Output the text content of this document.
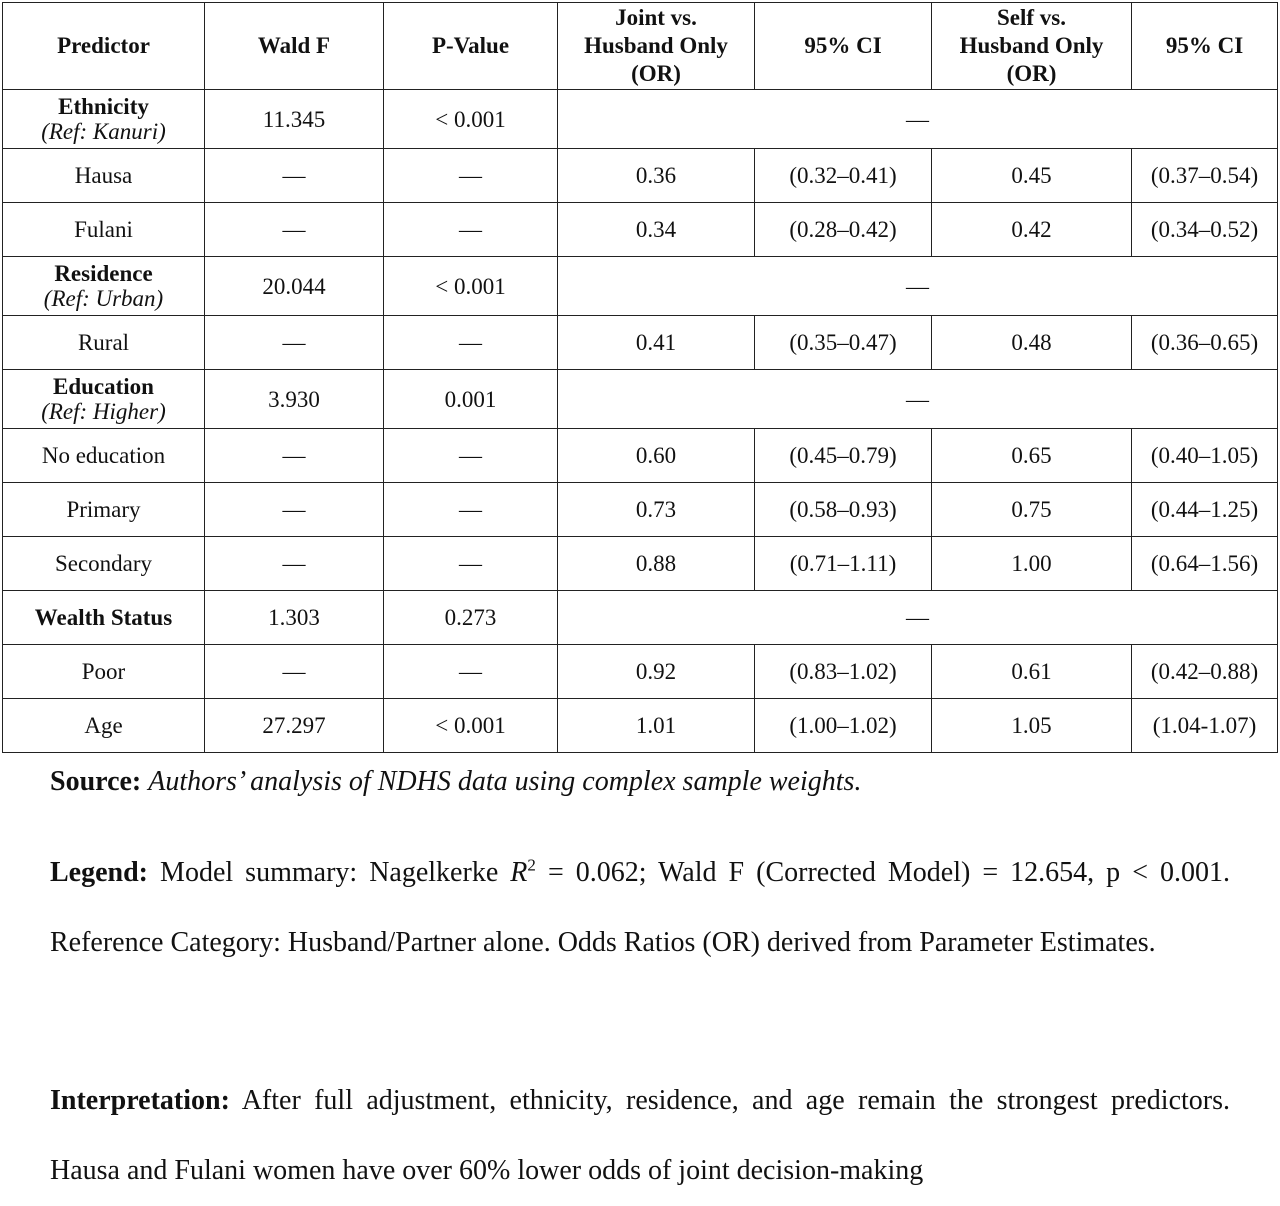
Predictor	Wald F	P-Value	Joint vs.
Husband Only
(OR)	95% CI	Self vs.
Husband Only
(OR)	95% CI

Ethnicity
(Ref: Kanuri)	11.345	< 0.001	—			
Hausa	—	—	0.36	(0.32–0.41)	0.45	(0.37–0.54)
Fulani	—	—	0.34	(0.28–0.42)	0.42	(0.34–0.52)

Residence
(Ref: Urban)	20.044	< 0.001	—			
Rural	—	—	0.41	(0.35–0.47)	0.48	(0.36–0.65)

Education
(Ref: Higher)	3.930	0.001	—			
No education	—	—	0.60	(0.45–0.79)	0.65	(0.40–1.05)
Primary	—	—	0.73	(0.58–0.93)	0.75	(0.44–1.25)
Secondary	—	—	0.88	(0.71–1.11)	1.00	(0.64–1.56)

Wealth Status	1.303	0.273	—			
Poor	—	—	0.92	(0.83–1.02)	0.61	(0.42–0.88)
Age	27.297	< 0.001	1.01	(1.00–1.02)	1.05	(1.04-1.07)

Source: Authors’ analysis of NDHS data using complex sample weights.

Legend: Model summary: Nagelkerke $R^2 = 0.062$; Wald F (Corrected Model) = 12.654, p < 0.001. Reference Category: Husband/Partner alone. Odds Ratios (OR) derived from Parameter Estimates.

Interpretation: After full adjustment, ethnicity, residence, and age remain the strongest predictors. Hausa and Fulani women have over 60% lower odds of joint decision-making
